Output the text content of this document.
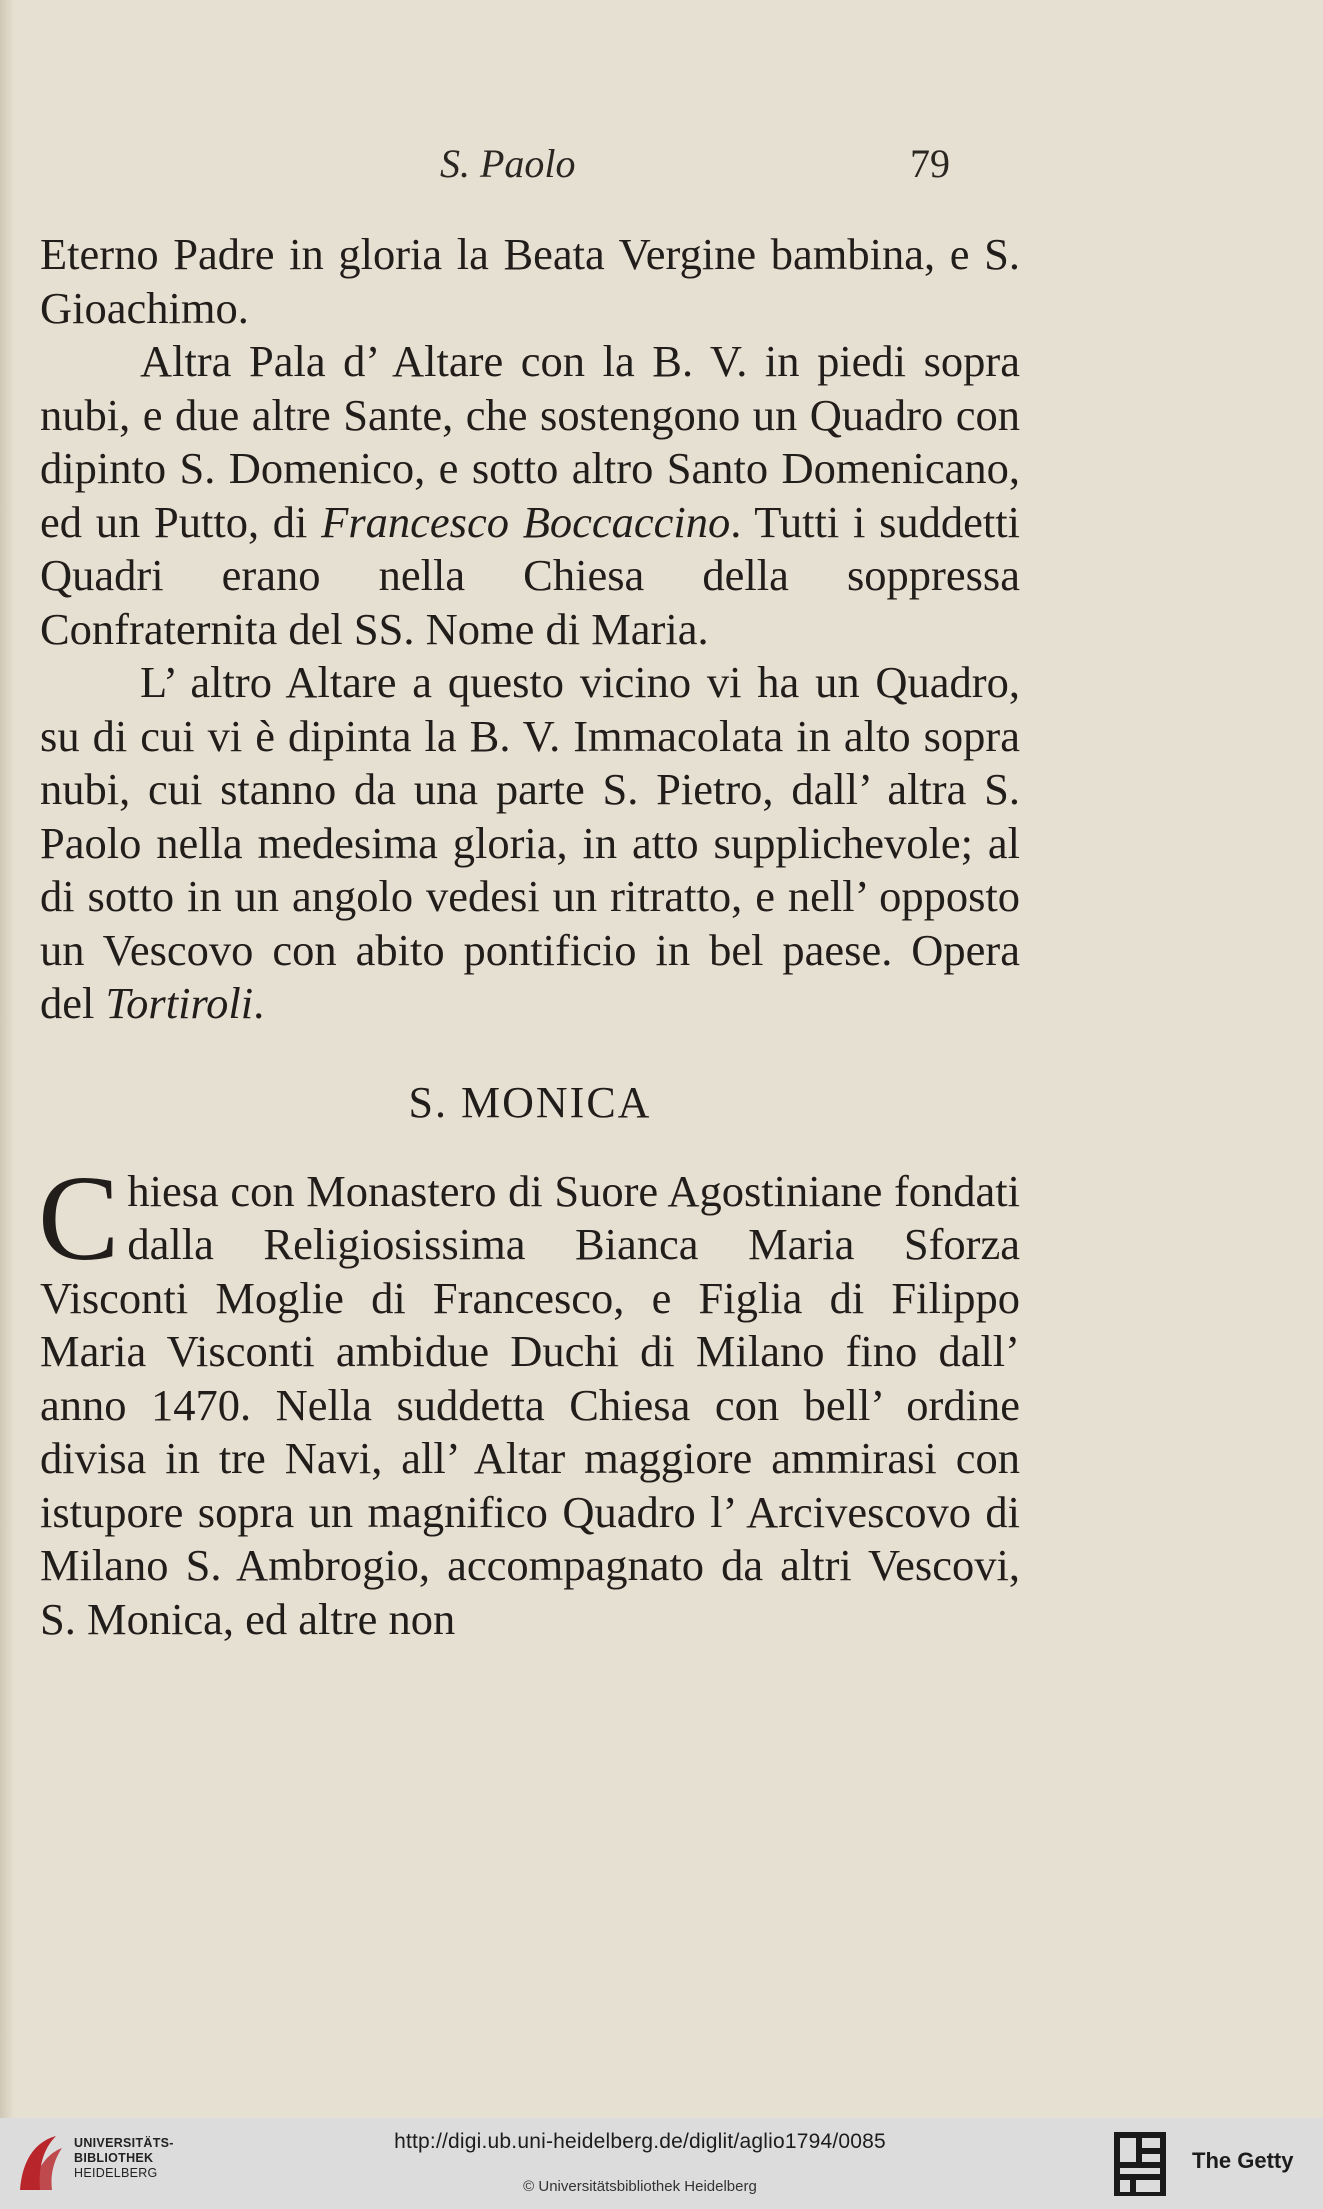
S. Paolo	79

Eterno Padre in gloria la Beata Vergine bambina, e S. Gioachimo.

Altra Pala d’ Altare con la B. V. in piedi sopra nubi, e due altre Sante, che sostengono un Quadro con dipinto S. Domenico, e sotto altro Santo Domenicano, ed un Putto, di Francesco Boccaccino. Tutti i suddetti Quadri erano nella Chiesa della soppressa Confraternita del SS. Nome di Maria.

L’ altro Altare a questo vicino vi ha un Quadro, su di cui vi è dipinta la B. V. Immacolata in alto sopra nubi, cui stanno da una parte S. Pietro, dall’ altra S. Paolo nella medesima gloria, in atto supplichevole; al di sotto in un angolo vedesi un ritratto, e nell’ opposto un Vescovo con abito pontificio in bel paese. Opera del Tortiroli.

S. MONICA

Chiesa con Monastero di Suore Agostiniane fondati dalla Religiosissima Bianca Maria Sforza Visconti Moglie di Francesco, e Figlia di Filippo Maria Visconti ambidue Duchi di Milano fino dall’ anno 1470. Nella suddetta Chiesa con bell’ ordine divisa in tre Navi, all’ Altar maggiore ammirasi con istupore sopra un magnifico Quadro l’ Arcivescovo di Milano S. Ambrogio, accompagnato da altri Vescovi, S. Monica, ed altre non

UNIVERSITÄTS-
BIBLIOTHEK
HEIDELBERG
http://digi.ub.uni-heidelberg.de/diglit/aglio1794/0085
© Universitätsbibliothek Heidelberg
The Getty
